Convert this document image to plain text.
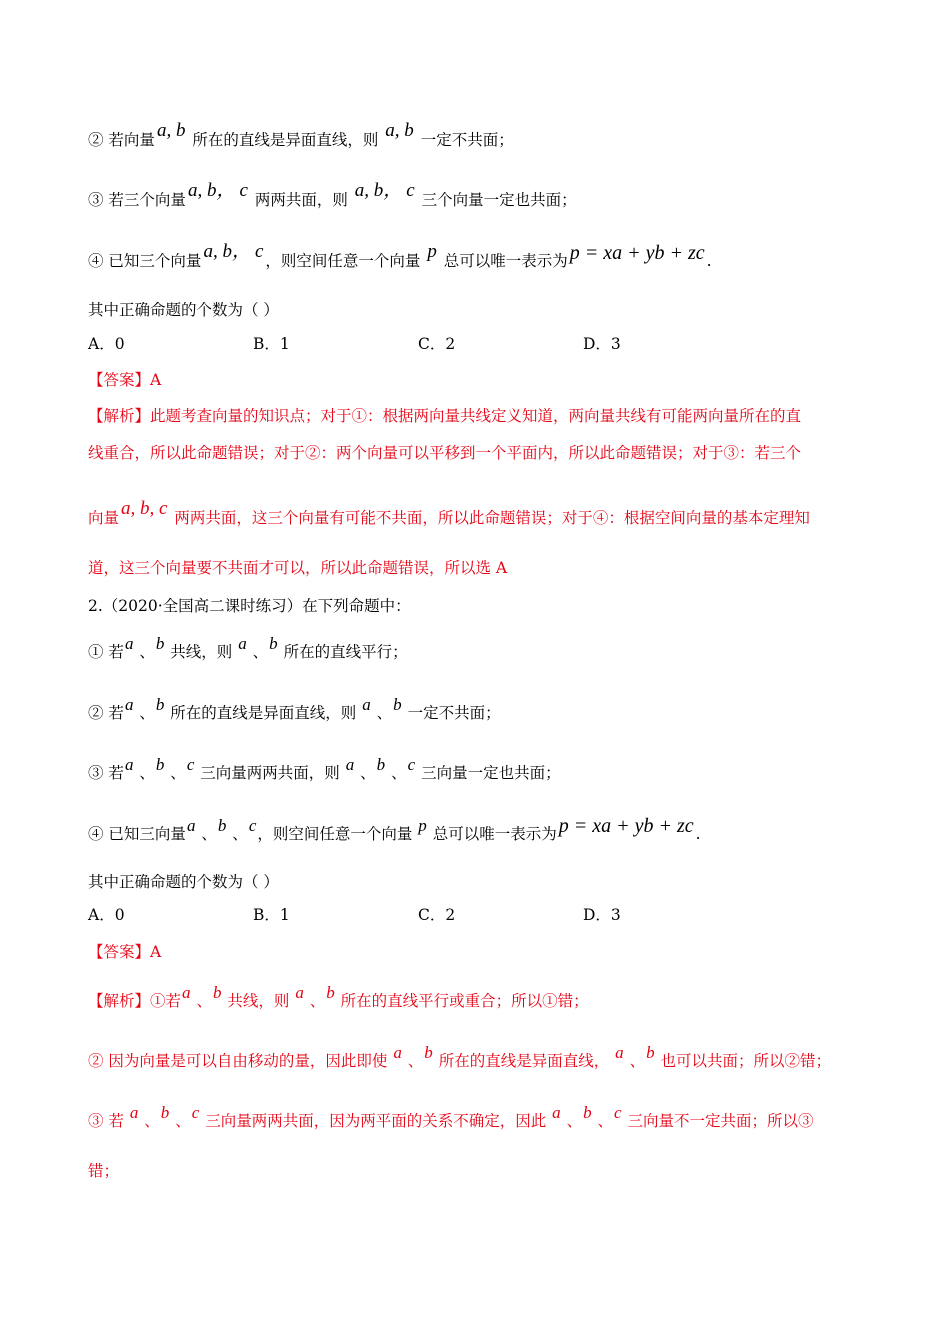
② 若向量 a, b 所在的直线是异面直线，则 a, b 一定不共面；
③ 若三个向量 a, b， c 两两共面，则 a, b， c 三个向量一定也共面；
④ 已知三个向量 a, b， c ，则空间任意一个向量 p 总可以唯一表示为 p = xa + yb + zc .
其中正确命题的个数为（ ）
A．0	B．1	C．2	D．3
【答案】A
【解析】此题考查向量的知识点；对于①：根据两向量共线定义知道，两向量共线有可能两向量所在的直
线重合，所以此命题错误；对于②：两个向量可以平移到一个平面内，所以此命题错误；对于③：若三个
向量 a, b, c 两两共面，这三个向量有可能不共面，所以此命题错误；对于④：根据空间向量的基本定理知
道，这三个向量要不共面才可以，所以此命题错误，所以选 A
2.（2020·全国高二课时练习）在下列命题中：
① 若a 、b 共线，则 a 、b 所在的直线平行；
② 若a 、b 所在的直线是异面直线，则 a 、b 一定不共面；
③ 若a 、b 、c 三向量两两共面，则 a 、b 、c 三向量一定也共面；
④ 已知三向量a 、b 、c，则空间任意一个向量 p 总可以唯一表示为 p = xa + yb + zc .
其中正确命题的个数为（ ）
A．0	B．1	C．2	D．3
【答案】A
【解析】①若a 、b 共线，则 a 、b 所在的直线平行或重合；所以①错；
② 因为向量是可以自由移动的量，因此即使 a 、b 所在的直线是异面直线， a 、b 也可以共面；所以②错；
③ 若 a 、b 、c 三向量两两共面，因为两平面的关系不确定，因此 a 、b 、c 三向量不一定共面；所以③
错；
